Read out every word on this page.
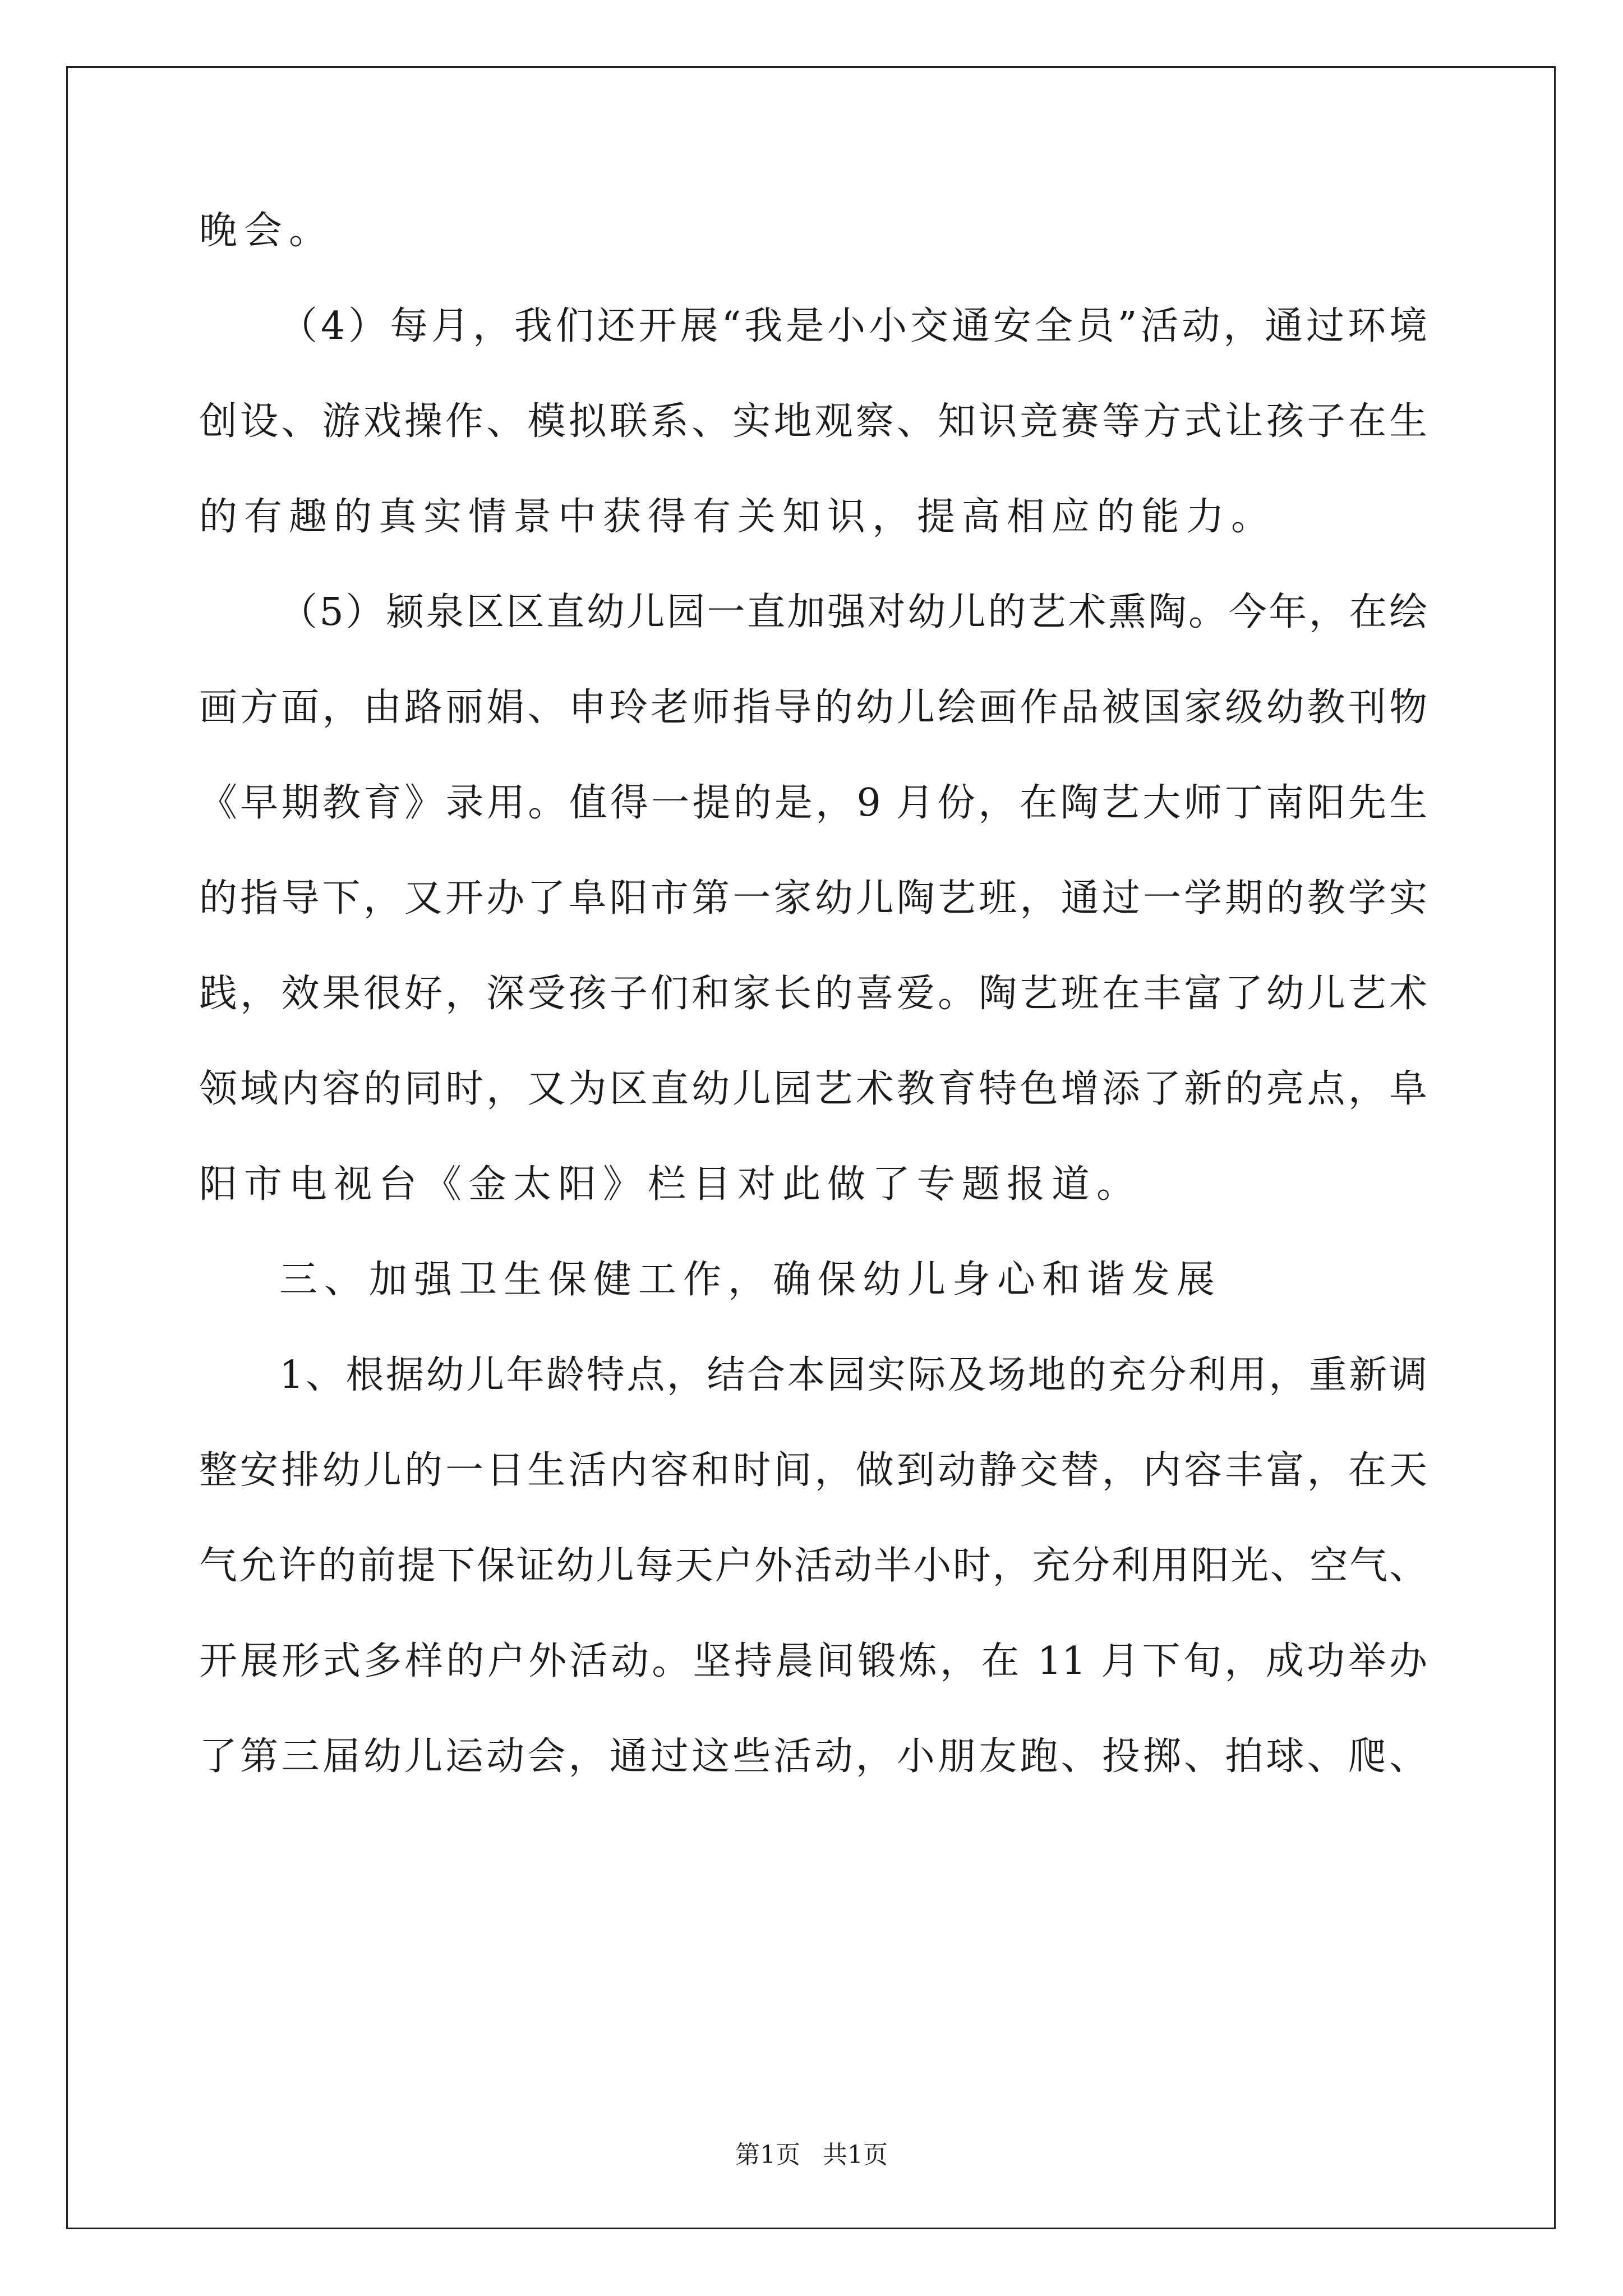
晚会。
（4）每月，我们还开展“我是小小交通安全员”活动，通过环境
创设、游戏操作、模拟联系、实地观察、知识竞赛等方式让孩子在生
的有趣的真实情景中获得有关知识，提高相应的能力。
（5）颍泉区区直幼儿园一直加强对幼儿的艺术熏陶。今年，在绘
画方面，由路丽娟、申玲老师指导的幼儿绘画作品被国家级幼教刊物
《早期教育》录用。值得一提的是，9 月份，在陶艺大师丁南阳先生
的指导下，又开办了阜阳市第一家幼儿陶艺班，通过一学期的教学实
践，效果很好，深受孩子们和家长的喜爱。陶艺班在丰富了幼儿艺术
领域内容的同时，又为区直幼儿园艺术教育特色增添了新的亮点，阜
阳市电视台《金太阳》栏目对此做了专题报道。
三、加强卫生保健工作，确保幼儿身心和谐发展
1、根据幼儿年龄特点，结合本园实际及场地的充分利用，重新调
整安排幼儿的一日生活内容和时间，做到动静交替，内容丰富，在天
气允许的前提下保证幼儿每天户外活动半小时，充分利用阳光、空气、
开展形式多样的户外活动。坚持晨间锻炼，在 11 月下旬，成功举办
了第三届幼儿运动会，通过这些活动，小朋友跑、投掷、拍球、爬、
第1页 共1页
